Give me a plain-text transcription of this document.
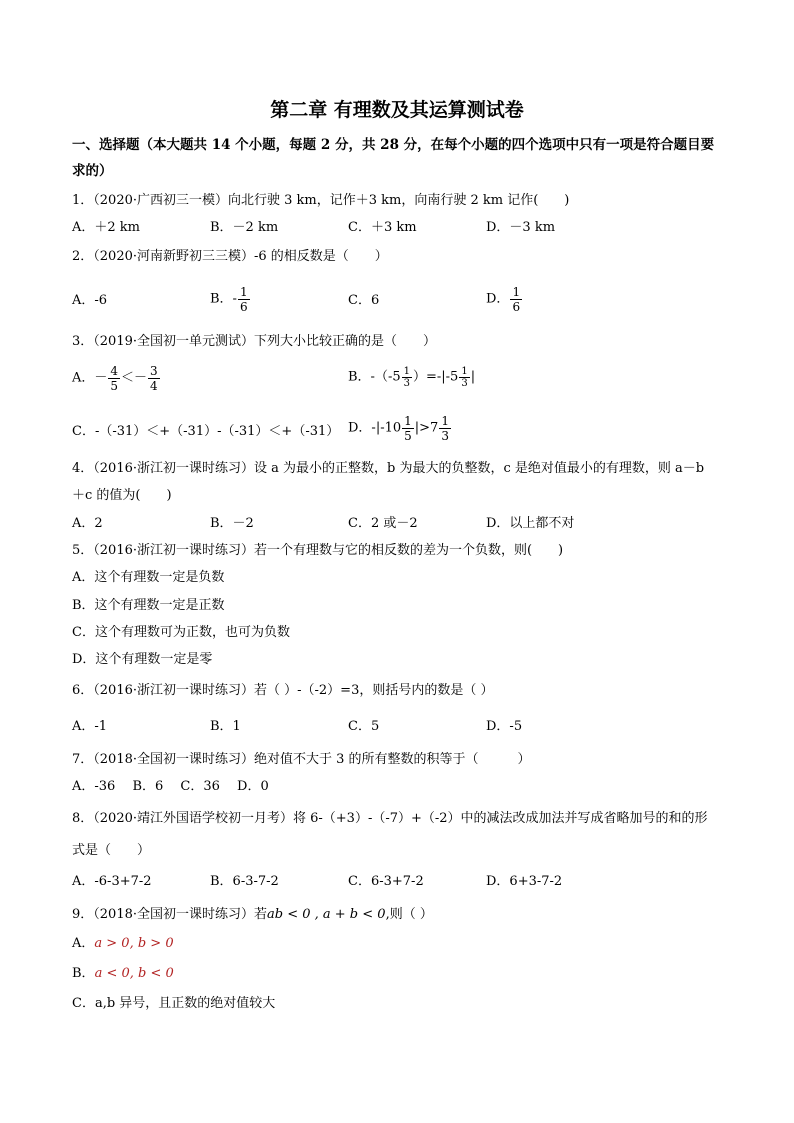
第二章 有理数及其运算测试卷
一、选择题（本大题共 14 个小题，每题 2 分，共 28 分，在每个小题的四个选项中只有一项是符合题目要
求的）
1．（2020·广西初三一模）向北行驶 3 km，记作＋3 km，向南行驶 2 km 记作(　　)
A．＋2 km	B．－2 km	C．＋3 km	D．－3 km
2．（2020·河南新野初三三模）-6 的相反数是（　　）
A．-6	B．- $\frac{1}{6}$	C．6	D． $\frac{1}{6}$
3．（2019·全国初一单元测试）下列大小比较正确的是（　　）
A．－ $\frac{4}{5} <- \frac{3}{4}$	B．$-(-5 \frac{1}{3} )=-|-5 \frac{1}{3}$ |
C．-（-31）＜+（-31）-（-31）＜+（-31） D．$-|-10 \frac{1}{5} |>7 \frac{1}{3}$
4．（2016·浙江初一课时练习）设 a 为最小的正整数，b 为最大的负整数，c 是绝对值最小的有理数，则 a－b
＋c 的值为(　　)
A．2	B．－2	C．2 或－2	D．以上都不对
5．（2016·浙江初一课时练习）若一个有理数与它的相反数的差为一个负数，则(　　)
A．这个有理数一定是负数
B．这个有理数一定是正数
C．这个有理数可为正数，也可为负数
D．这个有理数一定是零
6．（2016·浙江初一课时练习）若（ ）-（-2）=3，则括号内的数是（ ）
A．-1	B．1	C．5	D．-5
7．（2018·全国初一课时练习）绝对值不大于 3 的所有整数的积等于（　　　）
A．-36　 B．6　 C．36　 D．0
8．（2020·靖江外国语学校初一月考）将 6-（+3）-（-7）+（-2）中的减法改成加法并写成省略加号的和的形
式是（　　）
A．-6-3+7-2	B．6-3-7-2	C．6-3+7-2	D．6+3-7-2
9．（2018·全国初一课时练习）若ab < 0 , a + b < 0,则（ ）
A．a > 0, b > 0
B．a < 0, b < 0
C．a,b 异号，且正数的绝对值较大
